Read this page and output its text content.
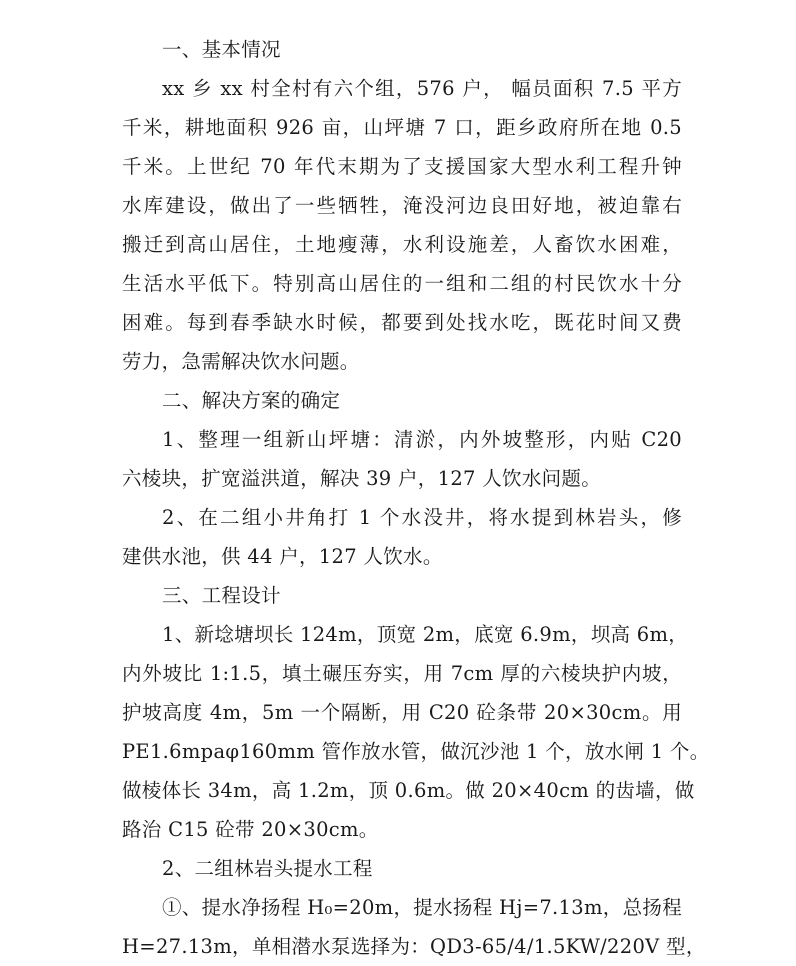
一、基本情况
xx 乡 xx 村全村有六个组，576 户， 幅员面积 7.5 平方
千米，耕地面积 926 亩，山坪塘 7 口，距乡政府所在地 0.5
千米。上世纪 70 年代末期为了支援国家大型水利工程升钟
水库建设，做出了一些牺牲，淹没河边良田好地，被迫靠右
搬迁到高山居住，土地瘦薄，水利设施差，人畜饮水困难，
生活水平低下。特别高山居住的一组和二组的村民饮水十分
困难。每到春季缺水时候，都要到处找水吃，既花时间又费
劳力，急需解决饮水问题。
二、解决方案的确定
1、整理一组新山坪塘：清淤，内外坡整形，内贴 C20
六棱块，扩宽溢洪道，解决 39 户，127 人饮水问题。
2、在二组小井角打 1 个水没井，将水提到林岩头，修
建供水池，供 44 户，127 人饮水。
三、工程设计
1、新埝塘坝长 124m，顶宽 2m，底宽 6.9m，坝高 6m，
内外坡比 1:1.5，填土碾压夯实，用 7cm 厚的六棱块护内坡，
护坡高度 4m，5m 一个隔断，用 C20 砼条带 20×30cm。用
PE1.6mpaφ160mm 管作放水管，做沉沙池 1 个，放水闸 1 个。
做棱体长 34m，高 1.2m，顶 0.6m。做 20×40cm 的齿墙，做
路治 C15 砼带 20×30cm。
2、二组林岩头提水工程
①、提水净扬程 H₀=20m，提水扬程 Hj=7.13m，总扬程
H=27.13m，单相潜水泵选择为：QD3-65/4/1.5KW/220V 型，
